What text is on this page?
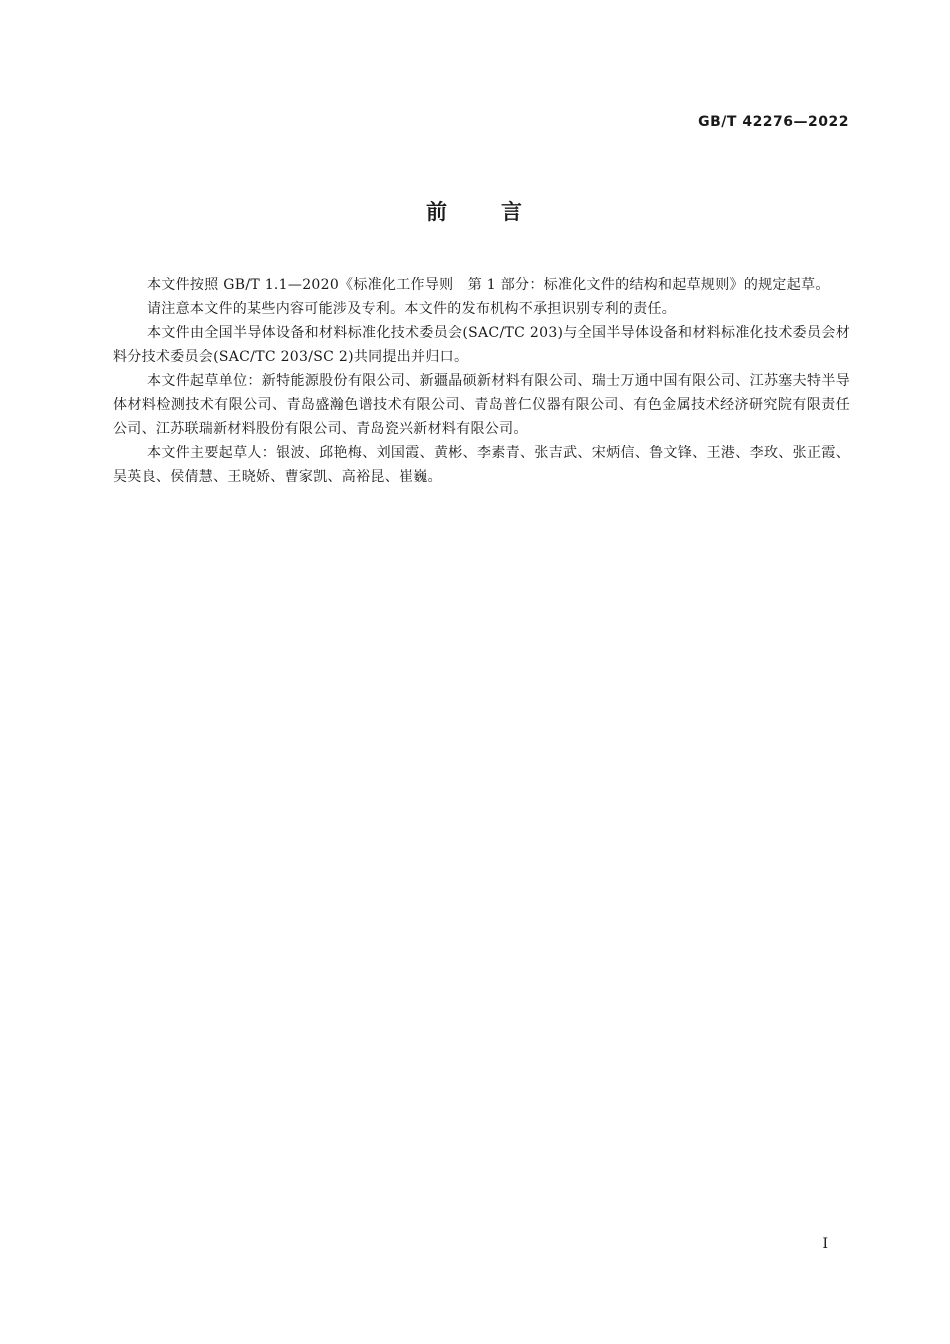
GB/T 42276—2022
前 言

本文件按照 GB/T 1.1—2020《标准化工作导则　第 1 部分：标准化文件的结构和起草规则》的规定起草。

请注意本文件的某些内容可能涉及专利。本文件的发布机构不承担识别专利的责任。

本文件由全国半导体设备和材料标准化技术委员会(SAC/TC 203)与全国半导体设备和材料标准化技术委员会材料分技术委员会(SAC/TC 203/SC 2)共同提出并归口。

本文件起草单位：新特能源股份有限公司、新疆晶硕新材料有限公司、瑞士万通中国有限公司、江苏塞夫特半导体材料检测技术有限公司、青岛盛瀚色谱技术有限公司、青岛普仁仪器有限公司、有色金属技术经济研究院有限责任公司、江苏联瑞新材料股份有限公司、青岛瓷兴新材料有限公司。

本文件主要起草人：银波、邱艳梅、刘国霞、黄彬、李素青、张吉武、宋炳信、鲁文锋、王港、李玫、张正霞、吴英良、侯倩慧、王晓娇、曹家凯、高裕昆、崔巍。

I
